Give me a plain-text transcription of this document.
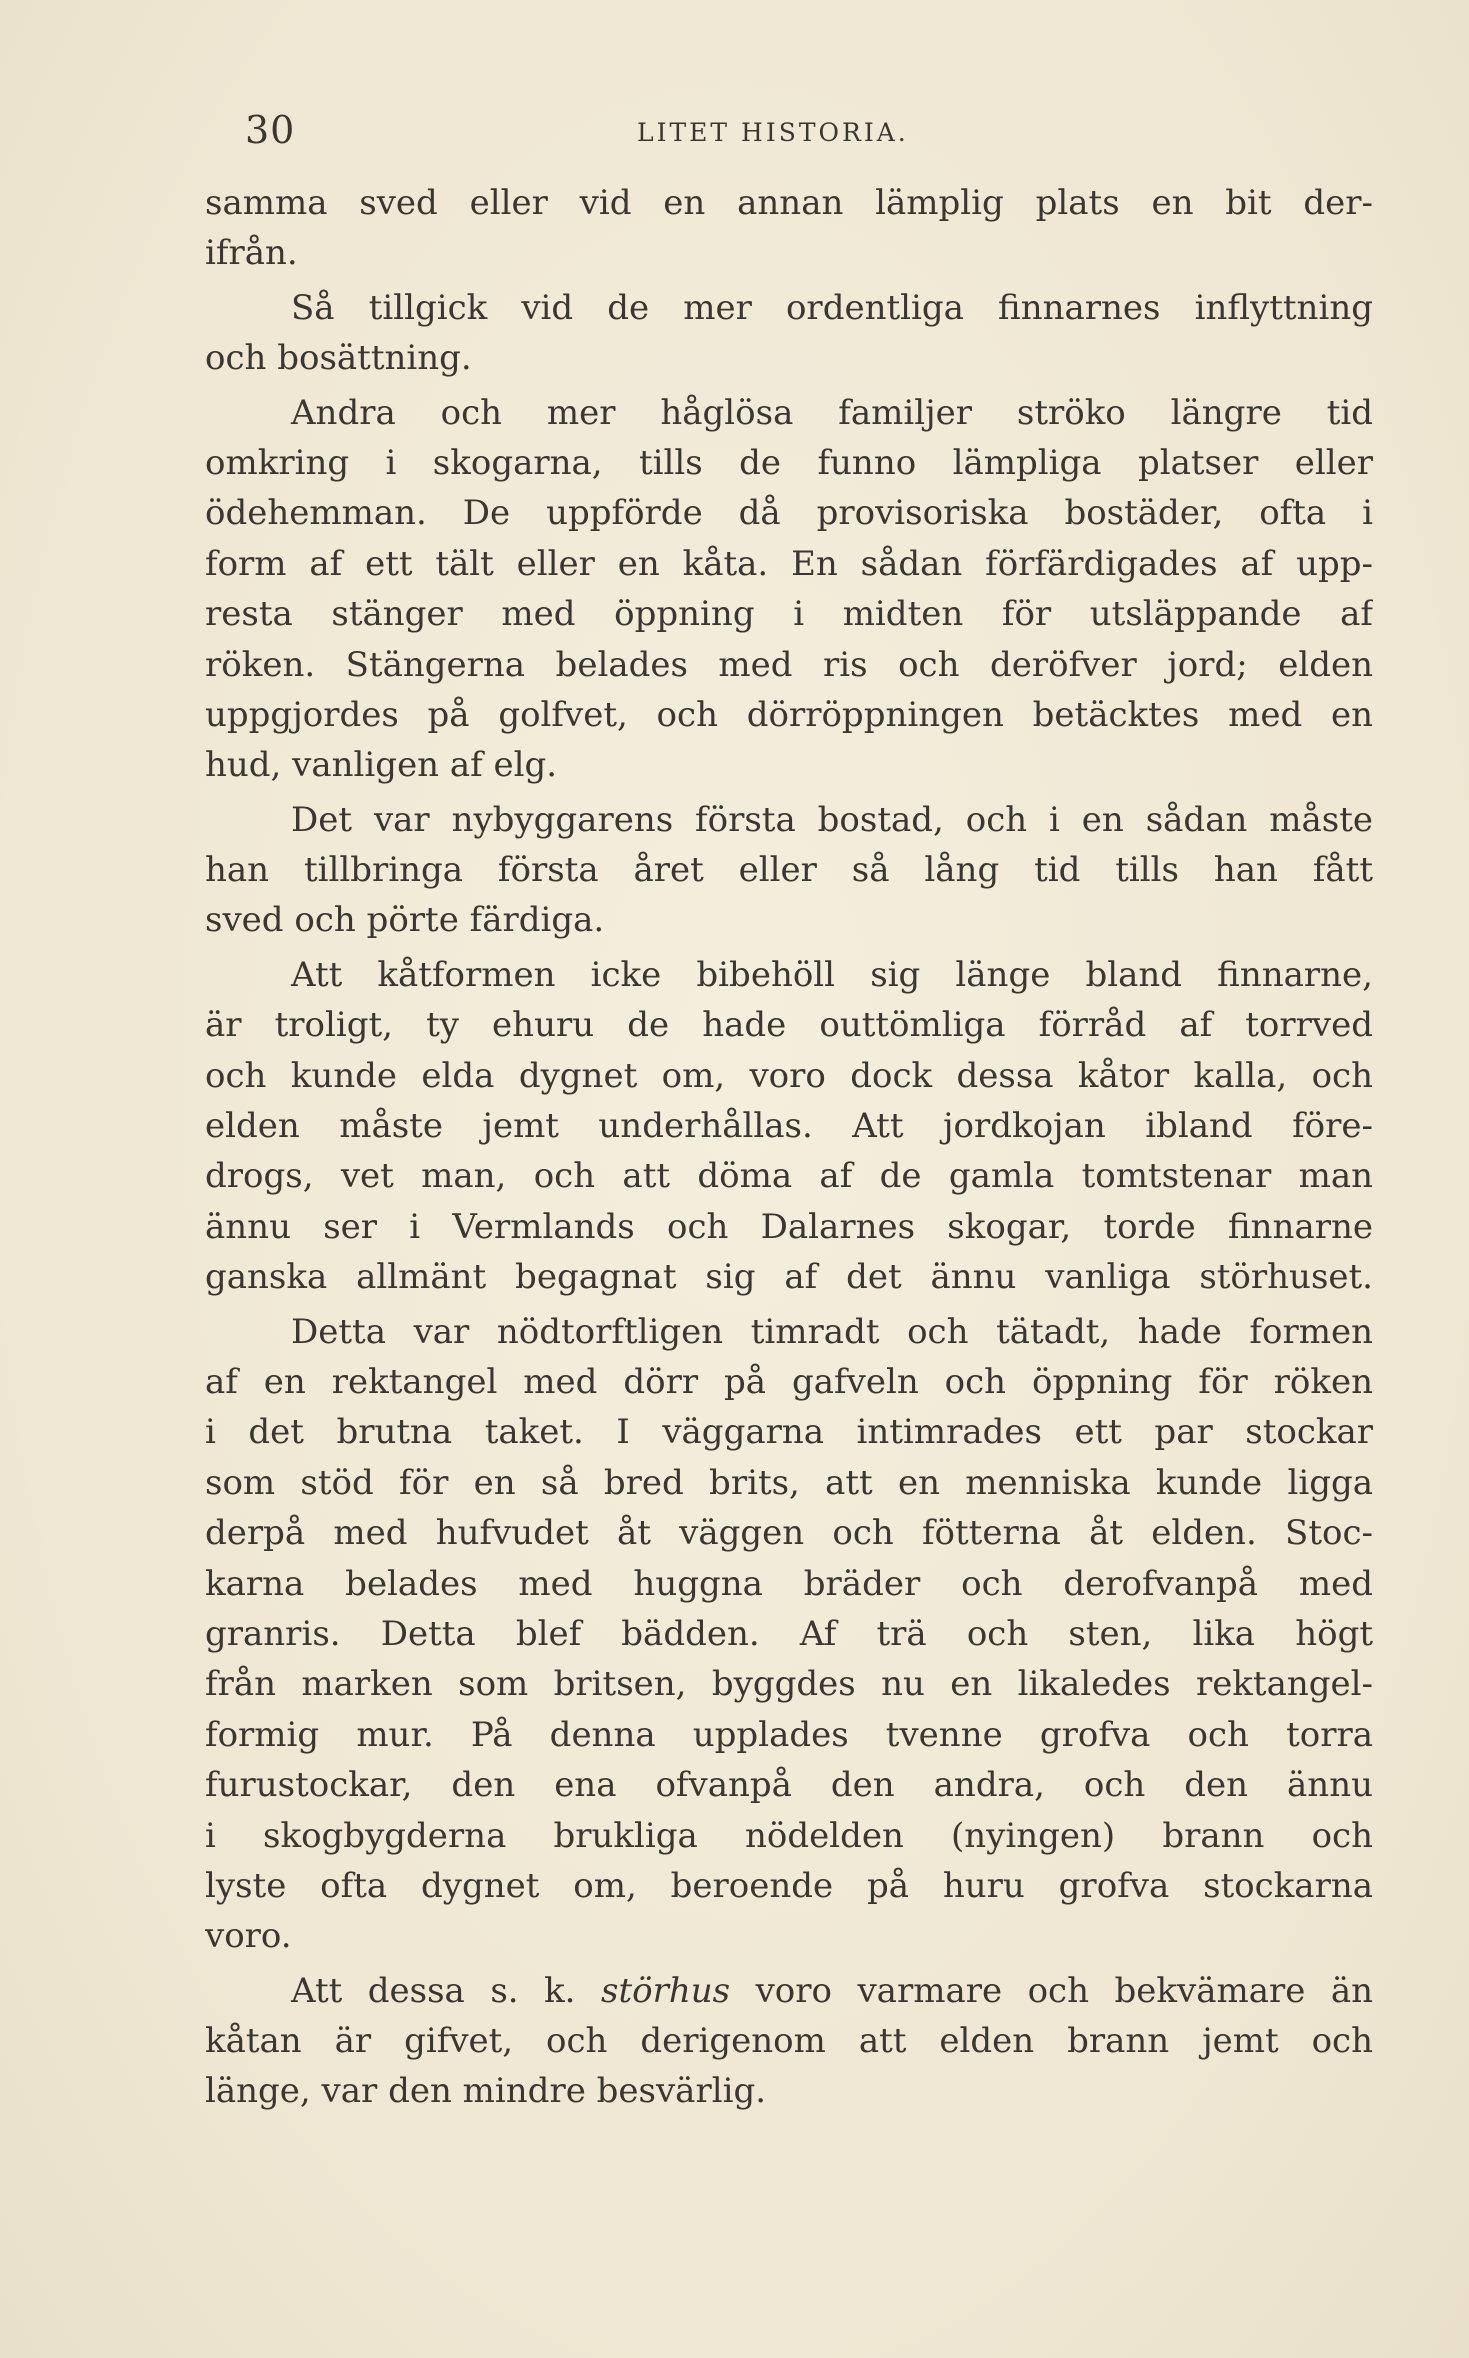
30	LITET HISTORIA.
samma sved eller vid en annan lämplig plats en bit der-
ifrån.
Så tillgick vid de mer ordentliga finnarnes inflyttning
och bosättning.
Andra och mer håglösa familjer ströko längre tid
omkring i skogarna, tills de funno lämpliga platser eller
ödehemman. De uppförde då provisoriska bostäder, ofta i
form af ett tält eller en kåta. En sådan förfärdigades af upp-
resta stänger med öppning i midten för utsläppande af
röken. Stängerna belades med ris och deröfver jord; elden
uppgjordes på golfvet, och dörröppningen betäcktes med en
hud, vanligen af elg.
Det var nybyggarens första bostad, och i en sådan måste
han tillbringa första året eller så lång tid tills han fått
sved och pörte färdiga.
Att kåtformen icke bibehöll sig länge bland finnarne,
är troligt, ty ehuru de hade outtömliga förråd af torrved
och kunde elda dygnet om, voro dock dessa kåtor kalla, och
elden måste jemt underhållas. Att jordkojan ibland före-
drogs, vet man, och att döma af de gamla tomtstenar man
ännu ser i Vermlands och Dalarnes skogar, torde finnarne
ganska allmänt begagnat sig af det ännu vanliga störhuset.
Detta var nödtorftligen timradt och tätadt, hade formen
af en rektangel med dörr på gafveln och öppning för röken
i det brutna taket. I väggarna intimrades ett par stockar
som stöd för en så bred brits, att en menniska kunde ligga
derpå med hufvudet åt väggen och fötterna åt elden. Stoc-
karna belades med huggna bräder och derofvanpå med
granris. Detta blef bädden. Af trä och sten, lika högt
från marken som britsen, byggdes nu en likaledes rektangel-
formig mur. På denna upplades tvenne grofva och torra
furustockar, den ena ofvanpå den andra, och den ännu
i skogbygderna brukliga nödelden (nyingen) brann och
lyste ofta dygnet om, beroende på huru grofva stockarna
voro.
Att dessa s. k. störhus voro varmare och bekvämare än
kåtan är gifvet, och derigenom att elden brann jemt och
länge, var den mindre besvärlig.
